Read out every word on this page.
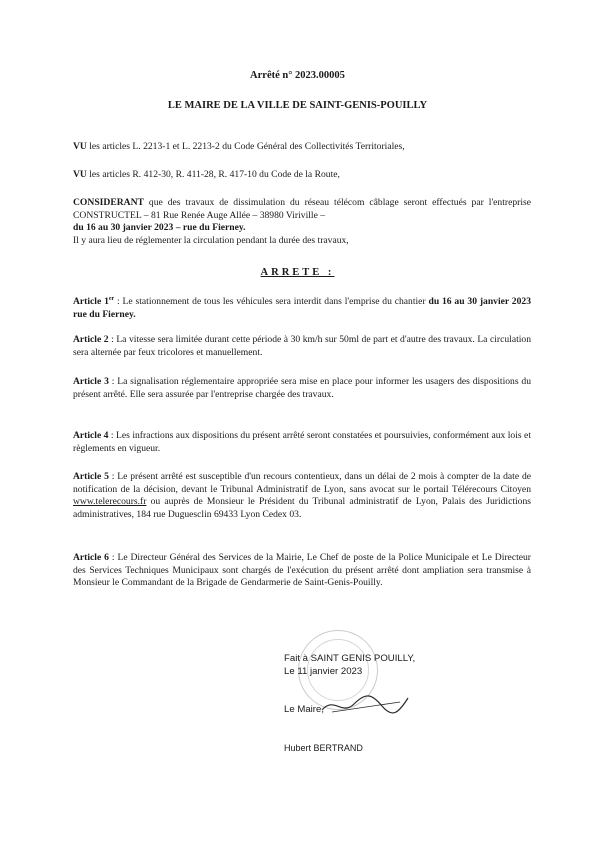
Arrêté n° 2023.00005
LE MAIRE DE LA VILLE DE SAINT-GENIS-POUILLY
VU les articles L. 2213-1 et L. 2213-2 du Code Général des Collectivités Territoriales,
VU les articles R. 412-30, R. 411-28, R. 417-10 du Code de la Route,
CONSIDERANT que des travaux de dissimulation du réseau télécom câblage seront effectués par l'entreprise CONSTRUCTEL – 81 Rue Renée Auge Allée – 38980 Viriville –
du 16 au 30 janvier 2023 – rue du Fierney.
Il y aura lieu de réglementer la circulation pendant la durée des travaux,
ARRETE :
Article 1er : Le stationnement de tous les véhicules sera interdit dans l'emprise du chantier du 16 au 30 janvier 2023 rue du Fierney.
Article 2 : La vitesse sera limitée durant cette période à 30 km/h sur 50ml de part et d'autre des travaux. La circulation sera alternée par feux tricolores et manuellement.
Article 3 : La signalisation réglementaire appropriée sera mise en place pour informer les usagers des dispositions du présent arrêté. Elle sera assurée par l'entreprise chargée des travaux.
Article 4 : Les infractions aux dispositions du présent arrêté seront constatées et poursuivies, conformément aux lois et règlements en vigueur.
Article 5 : Le présent arrêté est susceptible d'un recours contentieux, dans un délai de 2 mois à compter de la date de notification de la décision, devant le Tribunal Administratif de Lyon, sans avocat sur le portail Télérecours Citoyen www.telerecours.fr ou auprès de Monsieur le Président du Tribunal administratif de Lyon, Palais des Juridictions administratives, 184 rue Duguesclin 69433 Lyon Cedex 03.
Article 6 : Le Directeur Général des Services de la Mairie, Le Chef de poste de la Police Municipale et Le Directeur des Services Techniques Municipaux sont chargés de l'exécution du présent arrêté dont ampliation sera transmise à Monsieur le Commandant de la Brigade de Gendarmerie de Saint-Genis-Pouilly.
Fait à SAINT GENIS POUILLY,
Le 11 janvier 2023
Le Maire,
Hubert BERTRAND
